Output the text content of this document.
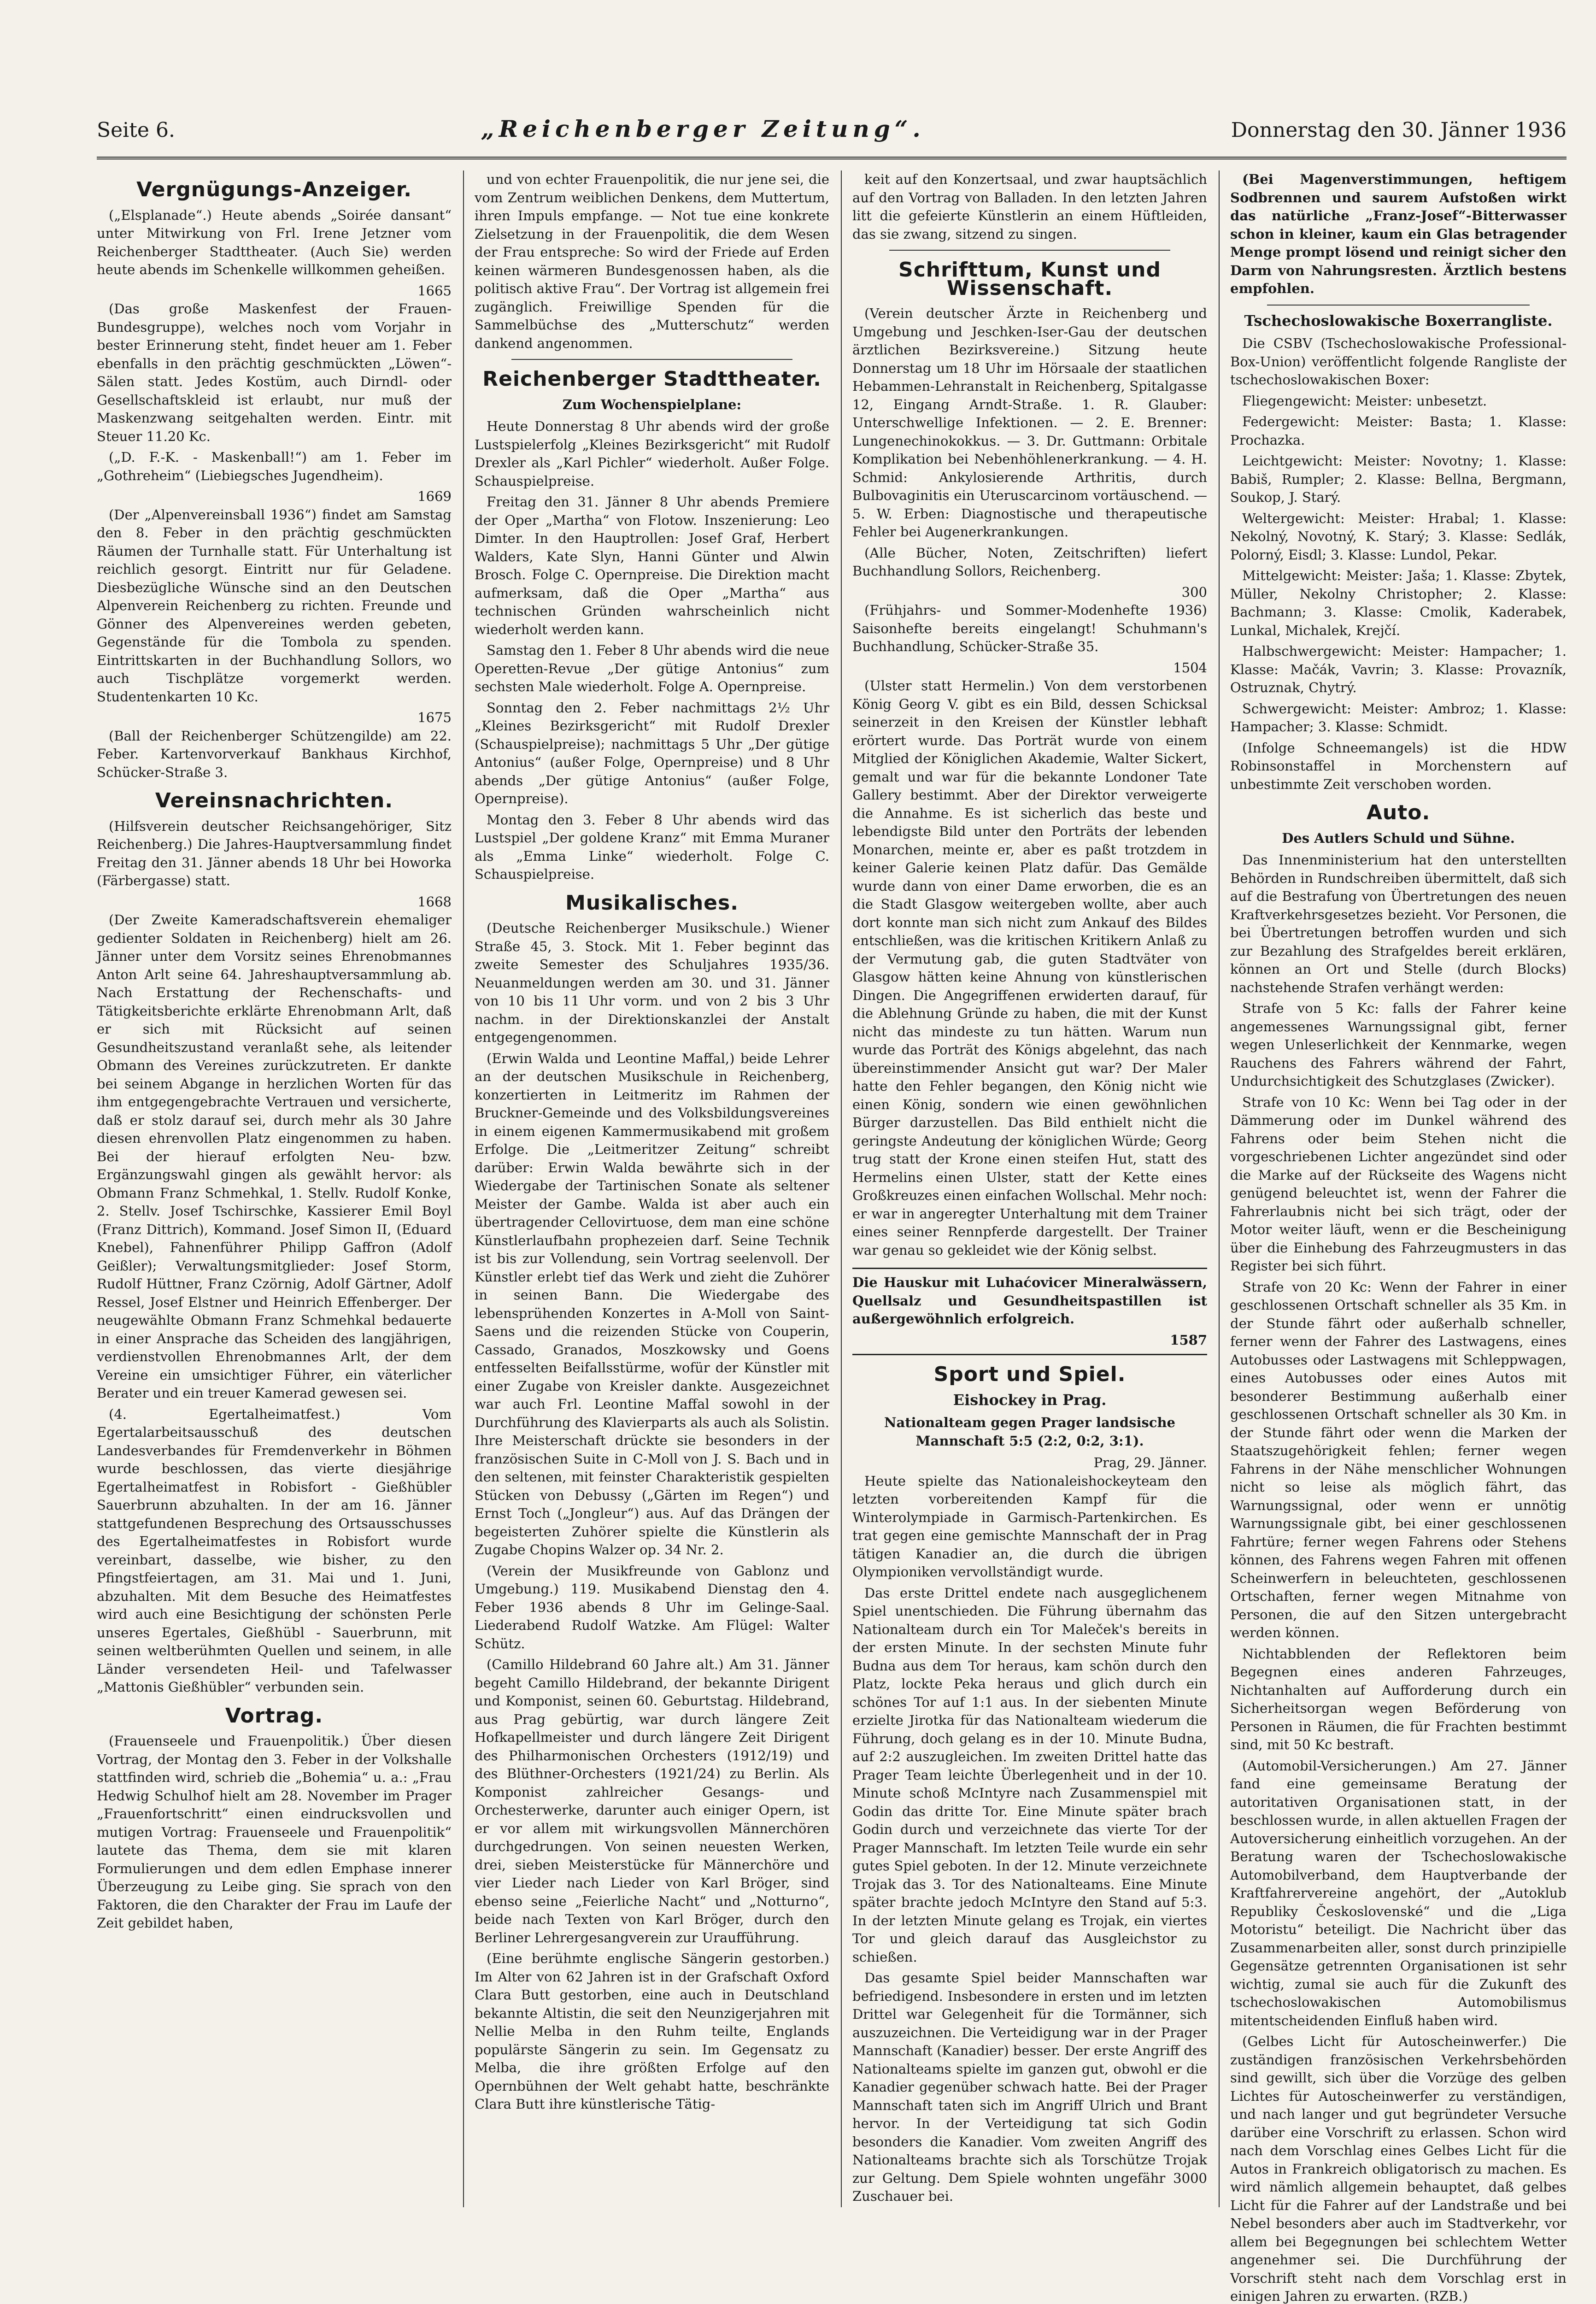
Seite 6.	„Reichenberger Zeitung“.	Donnerstag den 30. Jänner 1936
Vergnügungs-Anzeiger.

(„Elsplanade“.) Heute abends „Soirée dansant“ unter Mitwirkung von Frl. Irene Jetzner vom Reichenberger Stadttheater. (Auch Sie) werden heute abends im Schenkelle willkommen geheißen.

1665

(Das große Maskenfest der Frauen-Bundesgruppe), welches noch vom Vorjahr in bester Erinnerung steht, findet heuer am 1. Feber ebenfalls in den prächtig geschmückten „Löwen“-Sälen statt. Jedes Kostüm, auch Dirndl- oder Gesellschaftskleid ist erlaubt, nur muß der Maskenzwang seitgehalten werden. Eintr. mit Steuer 11.20 Kc.

(„D. F.-K. - Maskenball!“) am 1. Feber im „Gothreheim“ (Liebiegsches Jugendheim).

1669

(Der „Alpenvereinsball 1936“) findet am Samstag den 8. Feber in den prächtig geschmückten Räumen der Turnhalle statt. Für Unterhaltung ist reichlich gesorgt. Eintritt nur für Geladene. Diesbezügliche Wünsche sind an den Deutschen Alpenverein Reichenberg zu richten. Freunde und Gönner des Alpenvereines werden gebeten, Gegenstände für die Tombola zu spenden. Eintrittskarten in der Buchhandlung Sollors, wo auch Tischplätze vorgemerkt werden. Studentenkarten 10 Kc.

1675

(Ball der Reichenberger Schützengilde) am 22. Feber. Kartenvorverkauf Bankhaus Kirchhof, Schücker-Straße 3.

Vereinsnachrichten.

(Hilfsverein deutscher Reichsangehöriger, Sitz Reichenberg.) Die Jahres-Hauptversammlung findet Freitag den 31. Jänner abends 18 Uhr bei Howorka (Färbergasse) statt.

1668

(Der Zweite Kameradschaftsverein ehemaliger gedienter Soldaten in Reichenberg) hielt am 26. Jänner unter dem Vorsitz seines Ehrenobmannes Anton Arlt seine 64. Jahreshauptversammlung ab. Nach Erstattung der Rechenschafts- und Tätigkeitsberichte erklärte Ehrenobmann Arlt, daß er sich mit Rücksicht auf seinen Gesundheitszustand veranlaßt sehe, als leitender Obmann des Vereines zurückzutreten. Er dankte bei seinem Abgange in herzlichen Worten für das ihm entgegengebrachte Vertrauen und versicherte, daß er stolz darauf sei, durch mehr als 30 Jahre diesen ehrenvollen Platz eingenommen zu haben. Bei der hierauf erfolgten Neu- bzw. Ergänzungswahl gingen als gewählt hervor: als Obmann Franz Schmehkal, 1. Stellv. Rudolf Konke, 2. Stellv. Josef Tschirschke, Kassierer Emil Boyl (Franz Dittrich), Kommand. Josef Simon II, (Eduard Knebel), Fahnenführer Philipp Gaffron (Adolf Geißler); Verwaltungsmitglieder: Josef Storm, Rudolf Hüttner, Franz Czörnig, Adolf Gärtner, Adolf Ressel, Josef Elstner und Heinrich Effenberger. Der neugewählte Obmann Franz Schmehkal bedauerte in einer Ansprache das Scheiden des langjährigen, verdienstvollen Ehrenobmannes Arlt, der dem Vereine ein umsichtiger Führer, ein väterlicher Berater und ein treuer Kamerad gewesen sei.

(4. Egertalheimatfest.) Vom Egertalarbeitsausschuß des deutschen Landesverbandes für Fremdenverkehr in Böhmen wurde beschlossen, das vierte diesjährige Egertalheimatfest in Robisfort - Gießhübler Sauerbrunn abzuhalten. In der am 16. Jänner stattgefundenen Besprechung des Ortsausschusses des Egertalheimatfestes in Robisfort wurde vereinbart, dasselbe, wie bisher, zu den Pfingstfeiertagen, am 31. Mai und 1. Juni, abzuhalten. Mit dem Besuche des Heimatfestes wird auch eine Besichtigung der schönsten Perle unseres Egertales, Gießhübl - Sauerbrunn, mit seinen weltberühmten Quellen und seinem, in alle Länder versendeten Heil- und Tafelwasser „Mattonis Gießhübler“ verbunden sein.

Vortrag.

(Frauenseele und Frauenpolitik.) Über diesen Vortrag, der Montag den 3. Feber in der Volkshalle stattfinden wird, schrieb die „Bohemia“ u. a.: „Frau Hedwig Schulhof hielt am 28. November im Prager „Frauenfortschritt“ einen eindrucksvollen und mutigen Vortrag: Frauenseele und Frauenpolitik“ lautete das Thema, dem sie mit klaren Formulierungen und dem edlen Emphase innerer Überzeugung zu Leibe ging. Sie sprach von den Faktoren, die den Charakter der Frau im Laufe der Zeit gebildet haben,

und von echter Frauenpolitik, die nur jene sei, die vom Zentrum weiblichen Denkens, dem Muttertum, ihren Impuls empfange. — Not tue eine konkrete Zielsetzung in der Frauenpolitik, die dem Wesen der Frau entspreche: So wird der Friede auf Erden keinen wärmeren Bundesgenossen haben, als die politisch aktive Frau“. Der Vortrag ist allgemein frei zugänglich. Freiwillige Spenden für die Sammelbüchse des „Mutterschutz“ werden dankend angenommen.

Reichenberger Stadttheater.
Zum Wochenspielplane:

Heute Donnerstag 8 Uhr abends wird der große Lustspielerfolg „Kleines Bezirksgericht“ mit Rudolf Drexler als „Karl Pichler“ wiederholt. Außer Folge. Schauspielpreise.

Freitag den 31. Jänner 8 Uhr abends Premiere der Oper „Martha“ von Flotow. Inszenierung: Leo Dimter. In den Hauptrollen: Josef Graf, Herbert Walders, Kate Slyn, Hanni Günter und Alwin Brosch. Folge C. Opernpreise. Die Direktion macht aufmerksam, daß die Oper „Martha“ aus technischen Gründen wahrscheinlich nicht wiederholt werden kann.

Samstag den 1. Feber 8 Uhr abends wird die neue Operetten-Revue „Der gütige Antonius“ zum sechsten Male wiederholt. Folge A. Opernpreise.

Sonntag den 2. Feber nachmittags 2½ Uhr „Kleines Bezirksgericht“ mit Rudolf Drexler (Schauspielpreise); nachmittags 5 Uhr „Der gütige Antonius“ (außer Folge, Opernpreise) und 8 Uhr abends „Der gütige Antonius“ (außer Folge, Opernpreise).

Montag den 3. Feber 8 Uhr abends wird das Lustspiel „Der goldene Kranz“ mit Emma Muraner als „Emma Linke“ wiederholt. Folge C. Schauspielpreise.

Musikalisches.

(Deutsche Reichenberger Musikschule.) Wiener Straße 45, 3. Stock. Mit 1. Feber beginnt das zweite Semester des Schuljahres 1935/36. Neuanmeldungen werden am 30. und 31. Jänner von 10 bis 11 Uhr vorm. und von 2 bis 3 Uhr nachm. in der Direktionskanzlei der Anstalt entgegengenommen.

(Erwin Walda und Leontine Maffal,) beide Lehrer an der deutschen Musikschule in Reichenberg, konzertierten in Leitmeritz im Rahmen der Bruckner-Gemeinde und des Volksbildungsvereines in einem eigenen Kammermusikabend mit großem Erfolge. Die „Leitmeritzer Zeitung“ schreibt darüber: Erwin Walda bewährte sich in der Wiedergabe der Tartinischen Sonate als seltener Meister der Gambe. Walda ist aber auch ein übertragender Cellovirtuose, dem man eine schöne Künstlerlaufbahn prophezeien darf. Seine Technik ist bis zur Vollendung, sein Vortrag seelenvoll. Der Künstler erlebt tief das Werk und zieht die Zuhörer in seinen Bann. Die Wiedergabe des lebensprühenden Konzertes in A-Moll von Saint-Saens und die reizenden Stücke von Couperin, Cassado, Granados, Moszkowsky und Goens entfesselten Beifallsstürme, wofür der Künstler mit einer Zugabe von Kreisler dankte. Ausgezeichnet war auch Frl. Leontine Maffal sowohl in der Durchführung des Klavierparts als auch als Solistin. Ihre Meisterschaft drückte sie besonders in der französischen Suite in C-Moll von J. S. Bach und in den seltenen, mit feinster Charakteristik gespielten Stücken von Debussy („Gärten im Regen“) und Ernst Toch („Jongleur“) aus. Auf das Drängen der begeisterten Zuhörer spielte die Künstlerin als Zugabe Chopins Walzer op. 34 Nr. 2.

(Verein der Musikfreunde von Gablonz und Umgebung.) 119. Musikabend Dienstag den 4. Feber 1936 abends 8 Uhr im Gelinge-Saal. Liederabend Rudolf Watzke. Am Flügel: Walter Schütz.

(Camillo Hildebrand 60 Jahre alt.) Am 31. Jänner begeht Camillo Hildebrand, der bekannte Dirigent und Komponist, seinen 60. Geburtstag. Hildebrand, aus Prag gebürtig, war durch längere Zeit Hofkapellmeister und durch längere Zeit Dirigent des Philharmonischen Orchesters (1912/19) und des Blüthner-Orchesters (1921/24) zu Berlin. Als Komponist zahlreicher Gesangs- und Orchesterwerke, darunter auch einiger Opern, ist er vor allem mit wirkungsvollen Männerchören durchgedrungen. Von seinen neuesten Werken, drei, sieben Meisterstücke für Männerchöre und vier Lieder nach Lieder von Karl Bröger, sind ebenso seine „Feierliche Nacht“ und „Notturno“, beide nach Texten von Karl Bröger, durch den Berliner Lehrergesangverein zur Uraufführung.

(Eine berühmte englische Sängerin gestorben.) Im Alter von 62 Jahren ist in der Grafschaft Oxford Clara Butt gestorben, eine auch in Deutschland bekannte Altistin, die seit den Neunzigerjahren mit Nellie Melba in den Ruhm teilte, Englands populärste Sängerin zu sein. Im Gegensatz zu Melba, die ihre größten Erfolge auf den Opernbühnen der Welt gehabt hatte, beschränkte Clara Butt ihre künstlerische Tätig-

keit auf den Konzertsaal, und zwar hauptsächlich auf den Vortrag von Balladen. In den letzten Jahren litt die gefeierte Künstlerin an einem Hüftleiden, das sie zwang, sitzend zu singen.

Schrifttum, Kunst und Wissenschaft.

(Verein deutscher Ärzte in Reichenberg und Umgebung und Jeschken-Iser-Gau der deutschen ärztlichen Bezirksvereine.) Sitzung heute Donnerstag um 18 Uhr im Hörsaale der staatlichen Hebammen-Lehranstalt in Reichenberg, Spitalgasse 12, Eingang Arndt-Straße. 1. R. Glauber: Unterschwellige Infektionen. — 2. E. Brenner: Lungenechinokokkus. — 3. Dr. Guttmann: Orbitale Komplikation bei Nebenhöhlenerkrankung. — 4. H. Schmid: Ankylosierende Arthritis, durch Bulbovaginitis ein Uteruscarcinom vortäuschend. — 5. W. Erben: Diagnostische und therapeutische Fehler bei Augenerkrankungen.

(Alle Bücher, Noten, Zeitschriften) liefert Buchhandlung Sollors, Reichenberg.

300

(Frühjahrs- und Sommer-Modenhefte 1936) Saisonhefte bereits eingelangt! Schuhmann's Buchhandlung, Schücker-Straße 35.

1504

(Ulster statt Hermelin.) Von dem verstorbenen König Georg V. gibt es ein Bild, dessen Schicksal seinerzeit in den Kreisen der Künstler lebhaft erörtert wurde. Das Porträt wurde von einem Mitglied der Königlichen Akademie, Walter Sickert, gemalt und war für die bekannte Londoner Tate Gallery bestimmt. Aber der Direktor verweigerte die Annahme. Es ist sicherlich das beste und lebendigste Bild unter den Porträts der lebenden Monarchen, meinte er, aber es paßt trotzdem in keiner Galerie keinen Platz dafür. Das Gemälde wurde dann von einer Dame erworben, die es an die Stadt Glasgow weitergeben wollte, aber auch dort konnte man sich nicht zum Ankauf des Bildes entschließen, was die kritischen Kritikern Anlaß zu der Vermutung gab, die guten Stadtväter von Glasgow hätten keine Ahnung von künstlerischen Dingen. Die Angegriffenen erwiderten darauf, für die Ablehnung Gründe zu haben, die mit der Kunst nicht das mindeste zu tun hätten. Warum nun wurde das Porträt des Königs abgelehnt, das nach übereinstimmender Ansicht gut war? Der Maler hatte den Fehler begangen, den König nicht wie einen König, sondern wie einen gewöhnlichen Bürger darzustellen. Das Bild enthielt nicht die geringste Andeutung der königlichen Würde; Georg trug statt der Krone einen steifen Hut, statt des Hermelins einen Ulster, statt der Kette eines Großkreuzes einen einfachen Wollschal. Mehr noch: er war in angeregter Unterhaltung mit dem Trainer eines seiner Rennpferde dargestellt. Der Trainer war genau so gekleidet wie der König selbst.

Die Hauskur mit Luhaćovicer Mineralwässern, Quellsalz und Gesundheitspastillen ist außergewöhnlich erfolgreich.

1587
Sport und Spiel.
Eishockey in Prag.
Nationalteam gegen Prager landsische Mannschaft 5:5 (2:2, 0:2, 3:1).
Prag, 29. Jänner.

Heute spielte das Nationaleishockeyteam den letzten vorbereitenden Kampf für die Winterolympiade in Garmisch-Partenkirchen. Es trat gegen eine gemischte Mannschaft der in Prag tätigen Kanadier an, die durch die übrigen Olympioniken vervollständigt wurde.

Das erste Drittel endete nach ausgeglichenem Spiel unentschieden. Die Führung übernahm das Nationalteam durch ein Tor Maleček's bereits in der ersten Minute. In der sechsten Minute fuhr Budna aus dem Tor heraus, kam schön durch den Platz, lockte Peka heraus und glich durch ein schönes Tor auf 1:1 aus. In der siebenten Minute erzielte Jirotka für das Nationalteam wiederum die Führung, doch gelang es in der 10. Minute Budna, auf 2:2 auszugleichen. Im zweiten Drittel hatte das Prager Team leichte Überlegenheit und in der 10. Minute schoß McIntyre nach Zusammenspiel mit Godin das dritte Tor. Eine Minute später brach Godin durch und verzeichnete das vierte Tor der Prager Mannschaft. Im letzten Teile wurde ein sehr gutes Spiel geboten. In der 12. Minute verzeichnete Trojak das 3. Tor des Nationalteams. Eine Minute später brachte jedoch McIntyre den Stand auf 5:3. In der letzten Minute gelang es Trojak, ein viertes Tor und gleich darauf das Ausgleichstor zu schießen.

Das gesamte Spiel beider Mannschaften war befriedigend. Insbesondere in ersten und im letzten Drittel war Gelegenheit für die Tormänner, sich auszuzeichnen. Die Verteidigung war in der Prager Mannschaft (Kanadier) besser. Der erste Angriff des Nationalteams spielte im ganzen gut, obwohl er die Kanadier gegenüber schwach hatte. Bei der Prager Mannschaft taten sich im Angriff Ulrich und Brant hervor. In der Verteidigung tat sich Godin besonders die Kanadier. Vom zweiten Angriff des Nationalteams brachte sich als Torschütze Trojak zur Geltung. Dem Spiele wohnten ungefähr 3000 Zuschauer bei.

(Bei Magenverstimmungen, heftigem Sodbrennen und saurem Aufstoßen wirkt das natürliche „Franz-Josef“-Bitterwasser schon in kleiner, kaum ein Glas betragender Menge prompt lösend und reinigt sicher den Darm von Nahrungsresten. Ärztlich bestens empfohlen.

Tschechoslowakische Boxerrangliste.

Die CSBV (Tschechoslowakische Professional-Box-Union) veröffentlicht folgende Rangliste der tschechoslowakischen Boxer:

Fliegengewicht: Meister: unbesetzt.

Federgewicht: Meister: Basta; 1. Klasse: Prochazka.

Leichtgewicht: Meister: Novotny; 1. Klasse: Babiš, Rumpler; 2. Klasse: Bellna, Bergmann, Soukop, J. Starý.

Weltergewicht: Meister: Hrabal; 1. Klasse: Nekolný, Novotný, K. Starý; 3. Klasse: Sedlák, Polorný, Eisdl; 3. Klasse: Lundol, Pekar.

Mittelgewicht: Meister: Jaša; 1. Klasse: Zbytek, Müller, Nekolny Christopher; 2. Klasse: Bachmann; 3. Klasse: Cmolik, Kaderabek, Lunkal, Michalek, Krejčí.

Halbschwergewicht: Meister: Hampacher; 1. Klasse: Mačák, Vavrin; 3. Klasse: Provazník, Ostruznak, Chytrý.

Schwergewicht: Meister: Ambroz; 1. Klasse: Hampacher; 3. Klasse: Schmidt.

(Infolge Schneemangels) ist die HDW Robinsonstaffel in Morchenstern auf unbestimmte Zeit verschoben worden.

Auto.
Des Autlers Schuld und Sühne.

Das Innenministerium hat den unterstellten Behörden in Rundschreiben übermittelt, daß sich auf die Bestrafung von Übertretungen des neuen Kraftverkehrsgesetzes bezieht. Vor Personen, die bei Übertretungen betroffen wurden und sich zur Bezahlung des Strafgeldes bereit erklären, können an Ort und Stelle (durch Blocks) nachstehende Strafen verhängt werden:

Strafe von 5 Kc: falls der Fahrer keine angemessenes Warnungssignal gibt, ferner wegen Unleserlichkeit der Kennmarke, wegen Rauchens des Fahrers während der Fahrt, Undurchsichtigkeit des Schutzglases (Zwicker).

Strafe von 10 Kc: Wenn bei Tag oder in der Dämmerung oder im Dunkel während des Fahrens oder beim Stehen nicht die vorgeschriebenen Lichter angezündet sind oder die Marke auf der Rückseite des Wagens nicht genügend beleuchtet ist, wenn der Fahrer die Fahrerlaubnis nicht bei sich trägt, oder der Motor weiter läuft, wenn er die Bescheinigung über die Einhebung des Fahrzeugmusters in das Register bei sich führt.

Strafe von 20 Kc: Wenn der Fahrer in einer geschlossenen Ortschaft schneller als 35 Km. in der Stunde fährt oder außerhalb schneller, ferner wenn der Fahrer des Lastwagens, eines Autobusses oder Lastwagens mit Schleppwagen, eines Autobusses oder eines Autos mit besonderer Bestimmung außerhalb einer geschlossenen Ortschaft schneller als 30 Km. in der Stunde fährt oder wenn die Marken der Staatszugehörigkeit fehlen; ferner wegen Fahrens in der Nähe menschlicher Wohnungen nicht so leise als möglich fährt, das Warnungssignal, oder wenn er unnötig Warnungssignale gibt, bei einer geschlossenen Fahrtüre; ferner wegen Fahrens oder Stehens können, des Fahrens wegen Fahren mit offenen Scheinwerfern in beleuchteten, geschlossenen Ortschaften, ferner wegen Mitnahme von Personen, die auf den Sitzen untergebracht werden können.

Nichtabblenden der Reflektoren beim Begegnen eines anderen Fahrzeuges, Nichtanhalten auf Aufforderung durch ein Sicherheitsorgan wegen Beförderung von Personen in Räumen, die für Frachten bestimmt sind, mit 50 Kc bestraft.

(Automobil-Versicherungen.) Am 27. Jänner fand eine gemeinsame Beratung der autoritativen Organisationen statt, in der beschlossen wurde, in allen aktuellen Fragen der Autoversicherung einheitlich vorzugehen. An der Beratung waren der Tschechoslowakische Automobilverband, dem Hauptverbande der Kraftfahrervereine angehört, der „Autoklub Republiky Československé“ und die „Liga Motoristu“ beteiligt. Die Nachricht über das Zusammenarbeiten aller, sonst durch prinzipielle Gegensätze getrennten Organisationen ist sehr wichtig, zumal sie auch für die Zukunft des tschechoslowakischen Automobilismus mitentscheidenden Einfluß haben wird.

(Gelbes Licht für Autoscheinwerfer.) Die zuständigen französischen Verkehrsbehörden sind gewillt, sich über die Vorzüge des gelben Lichtes für Autoscheinwerfer zu verständigen, und nach langer und gut begründeter Versuche darüber eine Vorschrift zu erlassen. Schon wird nach dem Vorschlag eines Gelbes Licht für die Autos in Frankreich obligatorisch zu machen. Es wird nämlich allgemein behauptet, daß gelbes Licht für die Fahrer auf der Landstraße und bei Nebel besonders aber auch im Stadtverkehr, vor allem bei Begegnungen bei schlechtem Wetter angenehmer sei. Die Durchführung der Vorschrift steht nach dem Vorschlag erst in einigen Jahren zu erwarten. (RZB.)
